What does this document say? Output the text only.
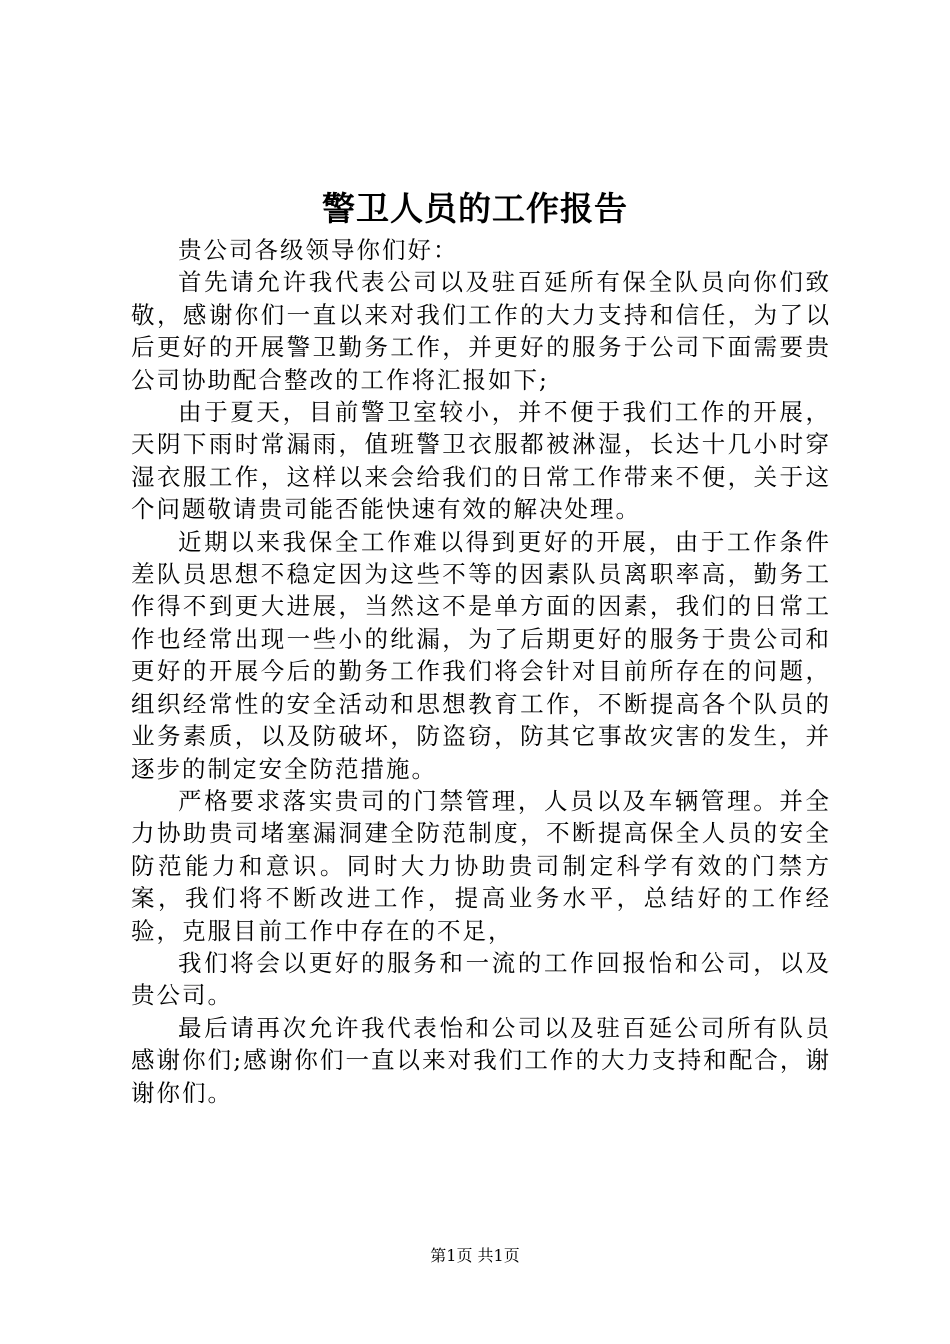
警卫人员的工作报告

贵公司各级领导你们好：

首先请允许我代表公司以及驻百延所有保全队员向你们致敬，感谢你们一直以来对我们工作的大力支持和信任，为了以后更好的开展警卫勤务工作，并更好的服务于公司下面需要贵公司协助配合整改的工作将汇报如下;

由于夏天，目前警卫室较小，并不便于我们工作的开展，天阴下雨时常漏雨，值班警卫衣服都被淋湿，长达十几小时穿湿衣服工作，这样以来会给我们的日常工作带来不便，关于这个问题敬请贵司能否能快速有效的解决处理。

近期以来我保全工作难以得到更好的开展，由于工作条件差队员思想不稳定因为这些不等的因素队员离职率高，勤务工作得不到更大进展，当然这不是单方面的因素，我们的日常工作也经常出现一些小的纰漏，为了后期更好的服务于贵公司和更好的开展今后的勤务工作我们将会针对目前所存在的问题，组织经常性的安全活动和思想教育工作，不断提高各个队员的业务素质，以及防破坏，防盗窃，防其它事故灾害的发生，并逐步的制定安全防范措施。

严格要求落实贵司的门禁管理，人员以及车辆管理。并全力协助贵司堵塞漏洞建全防范制度，不断提高保全人员的安全防范能力和意识。同时大力协助贵司制定科学有效的门禁方案，我们将不断改进工作，提高业务水平，总结好的工作经验，克服目前工作中存在的不足，

我们将会以更好的服务和一流的工作回报怡和公司，以及贵公司。

最后请再次允许我代表怡和公司以及驻百延公司所有队员感谢你们;感谢你们一直以来对我们工作的大力支持和配合，谢谢你们。

第1页 共1页
